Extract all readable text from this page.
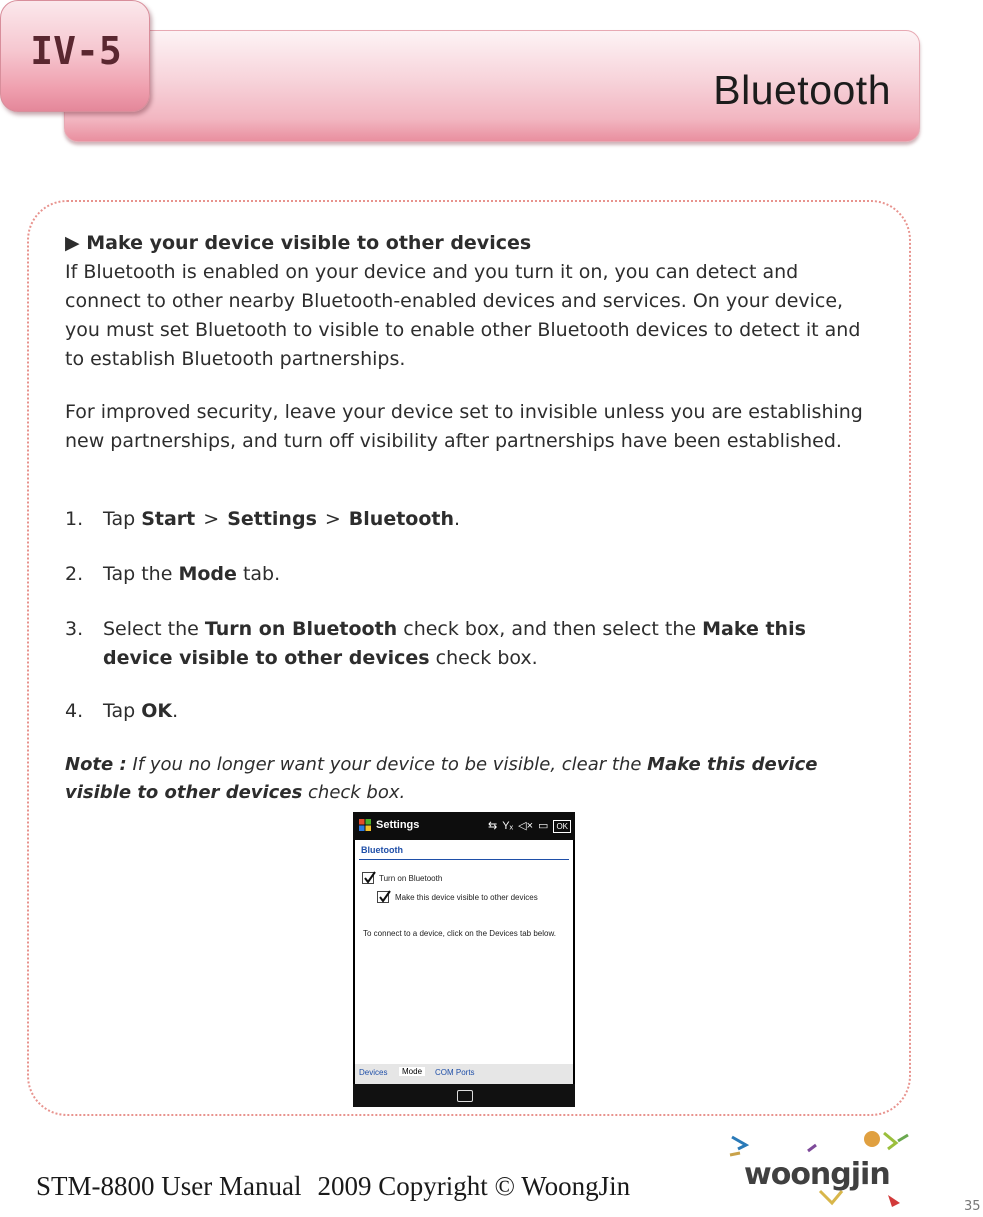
Bluetooth
IV-5
▶ Make your device visible to other devices
If Bluetooth is enabled on your device and you turn it on, you can detect and connect to other nearby Bluetooth-enabled devices and services. On your device, you must set Bluetooth to visible to enable other Bluetooth devices to detect it and to establish Bluetooth partnerships.
For improved security, leave your device set to invisible unless you are establishing new partnerships, and turn off visibility after partnerships have been established.
1. Tap Start > Settings > Bluetooth.
2. Tap the Mode tab.
3. Select the Turn on Bluetooth check box, and then select the Make this device visible to other devices check box.
4. Tap OK.
Note : If you no longer want your device to be visible, clear the Make this device visible to other devices check box.
Settings	⇆ Yₓ ◁× ▭	OK
Bluetooth
Turn on Bluetooth
Make this device visible to other devices
To connect to a device, click on the Devices tab below.
Devices	Mode	COM Ports
STM-8800 User Manual 2009 Copyright © WoongJin	woongjin
35
